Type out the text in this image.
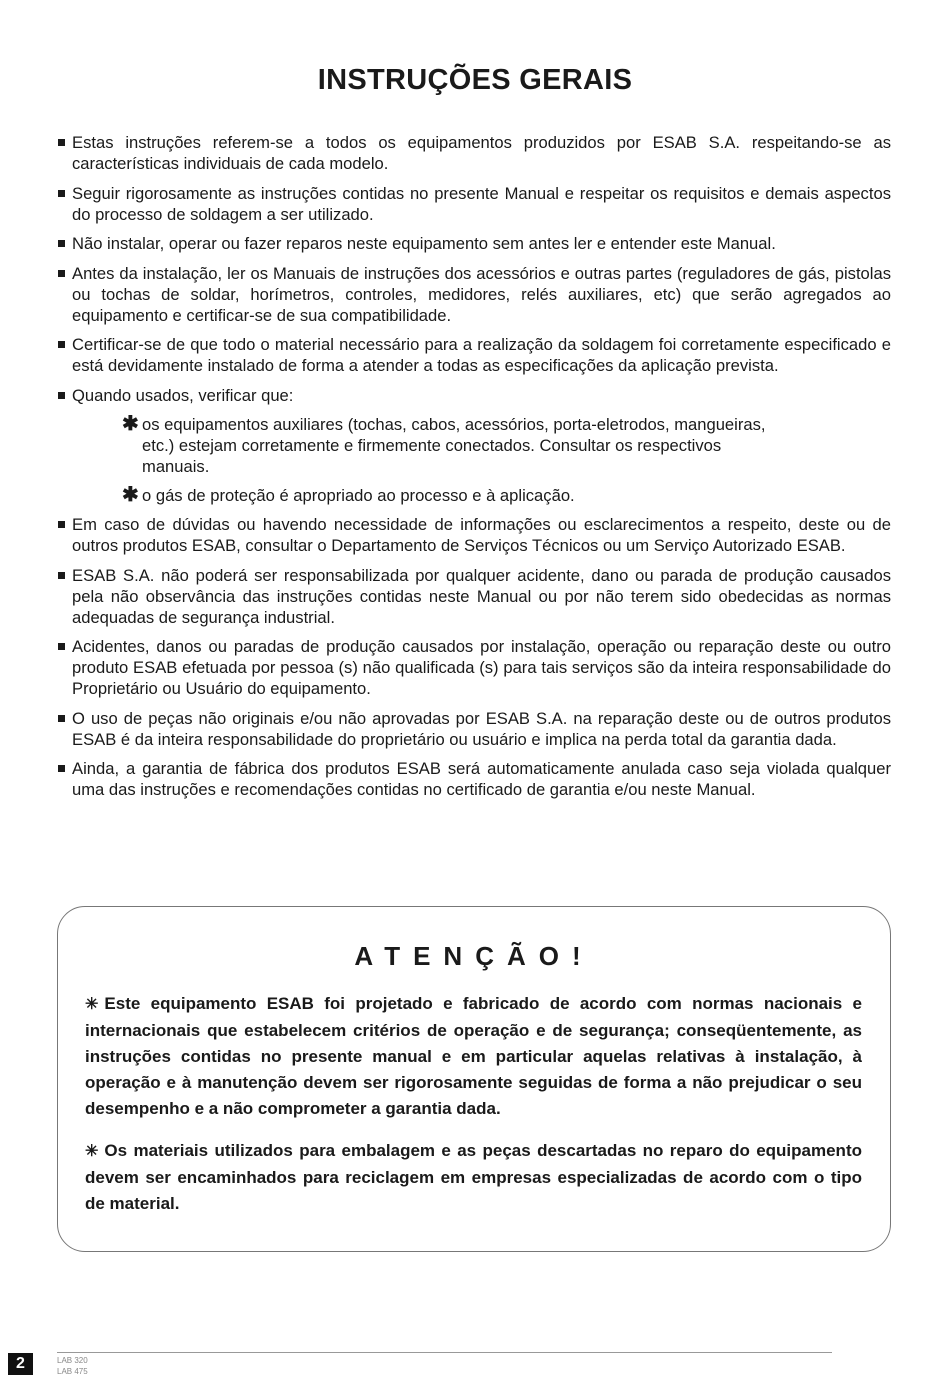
INSTRUÇÕES GERAIS
Estas instruções referem-se a todos os equipamentos produzidos por ESAB S.A. respeitando-se as características individuais de cada modelo.
Seguir rigorosamente as instruções contidas no presente Manual e respeitar os requisitos e demais aspectos do processo de soldagem a ser utilizado.
Não instalar, operar ou fazer reparos neste equipamento sem antes ler e entender este Manual.
Antes da instalação, ler os Manuais de instruções dos acessórios e outras partes (reguladores de gás, pistolas ou tochas de soldar, horímetros, controles, medidores, relés auxiliares, etc) que serão agregados ao equipamento e certificar-se de sua compatibilidade.
Certificar-se de que todo o material necessário para a realização da soldagem foi corretamente especificado e está devidamente instalado de forma a atender a todas as especificações da aplicação prevista.
Quando usados, verificar que:
✱ os equipamentos auxiliares (tochas, cabos, acessórios, porta-eletrodos, mangueiras, etc.) estejam corretamente e firmemente conectados. Consultar os respectivos manuais.
✱ o gás de proteção é apropriado ao processo e à aplicação.
Em caso de dúvidas ou havendo necessidade de informações ou esclarecimentos a respeito, deste ou de outros produtos ESAB, consultar o Departamento de Serviços Técnicos ou um Serviço Autorizado ESAB.
ESAB S.A. não poderá ser responsabilizada por qualquer acidente, dano ou parada de produção causados pela não observância das instruções contidas neste Manual ou por não terem sido obedecidas as normas adequadas de segurança industrial.
Acidentes, danos ou paradas de produção causados por instalação, operação ou reparação deste ou outro produto ESAB efetuada por pessoa (s) não qualificada (s) para tais serviços são da inteira responsabilidade do Proprietário ou Usuário do equipamento.
O uso de peças não originais e/ou não aprovadas por ESAB S.A. na reparação deste ou de outros produtos ESAB é da inteira responsabilidade do proprietário ou usuário e implica na perda total da garantia dada.
Ainda, a garantia de fábrica dos produtos ESAB será automaticamente anulada caso seja violada qualquer uma das instruções e recomendações contidas no certificado de garantia e/ou neste Manual.
ATENÇÃO!
✳ Este equipamento ESAB foi projetado e fabricado de acordo com normas nacionais e internacionais que estabelecem critérios de operação e de segurança; conseqüentemente, as instruções contidas no presente manual e em particular aquelas relativas à instalação, à operação e à manutenção devem ser rigorosamente seguidas de forma a não prejudicar o seu desempenho e a não comprometer a garantia dada.
✳ Os materiais utilizados para embalagem e as peças descartadas no reparo do equipamento devem ser encaminhados para reciclagem em empresas especializadas de acordo com o tipo de material.
2	LAB 320
LAB 475
